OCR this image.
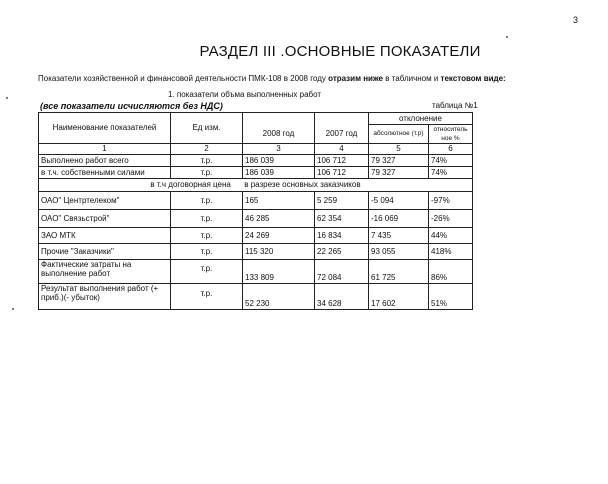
3
РАЗДЕЛ III .ОСНОВНЫЕ ПОКАЗАТЕЛИ
Показатели хозяйственной и финансовой деятельности ПМК-108 в 2008 году отразим ниже в табличном и текстовом виде:
1. показатели объма выполненных работ
(все показатели исчисляются без НДС)	таблица №1
Наименование показателей	Ед изм.	2008 год	2007 год	отклонение	
				абсолютное (т.р)	относитель ное %
1	2	3	4	5	6
Выполнено работ всего	т.р.	186 039	106 712	79 327	74%
в т.ч. собственными силами	т.р.	186 039	106 712	79 327	74%
в т.ч договорная цена в разрезе основных заказчиков					
ОАО" Центртелеком"	т.р.	165	5 259	-5 094	-97%
ОАО" Связьстрой"	т.р.	46 285	62 354	-16 069	-26%
ЗАО МТК	т.р.	24 269	16 834	7 435	44%
Прочие "Заказчики"	т.р.	115 320	22 265	93 055	418%
Фактические затраты на
выполнение работ	т.р.	133 809	72 084	61 725	86%
Результат выполнения работ (+
приб.)(- убыток)	т.р.	52 230	34 628	17 602	51%
